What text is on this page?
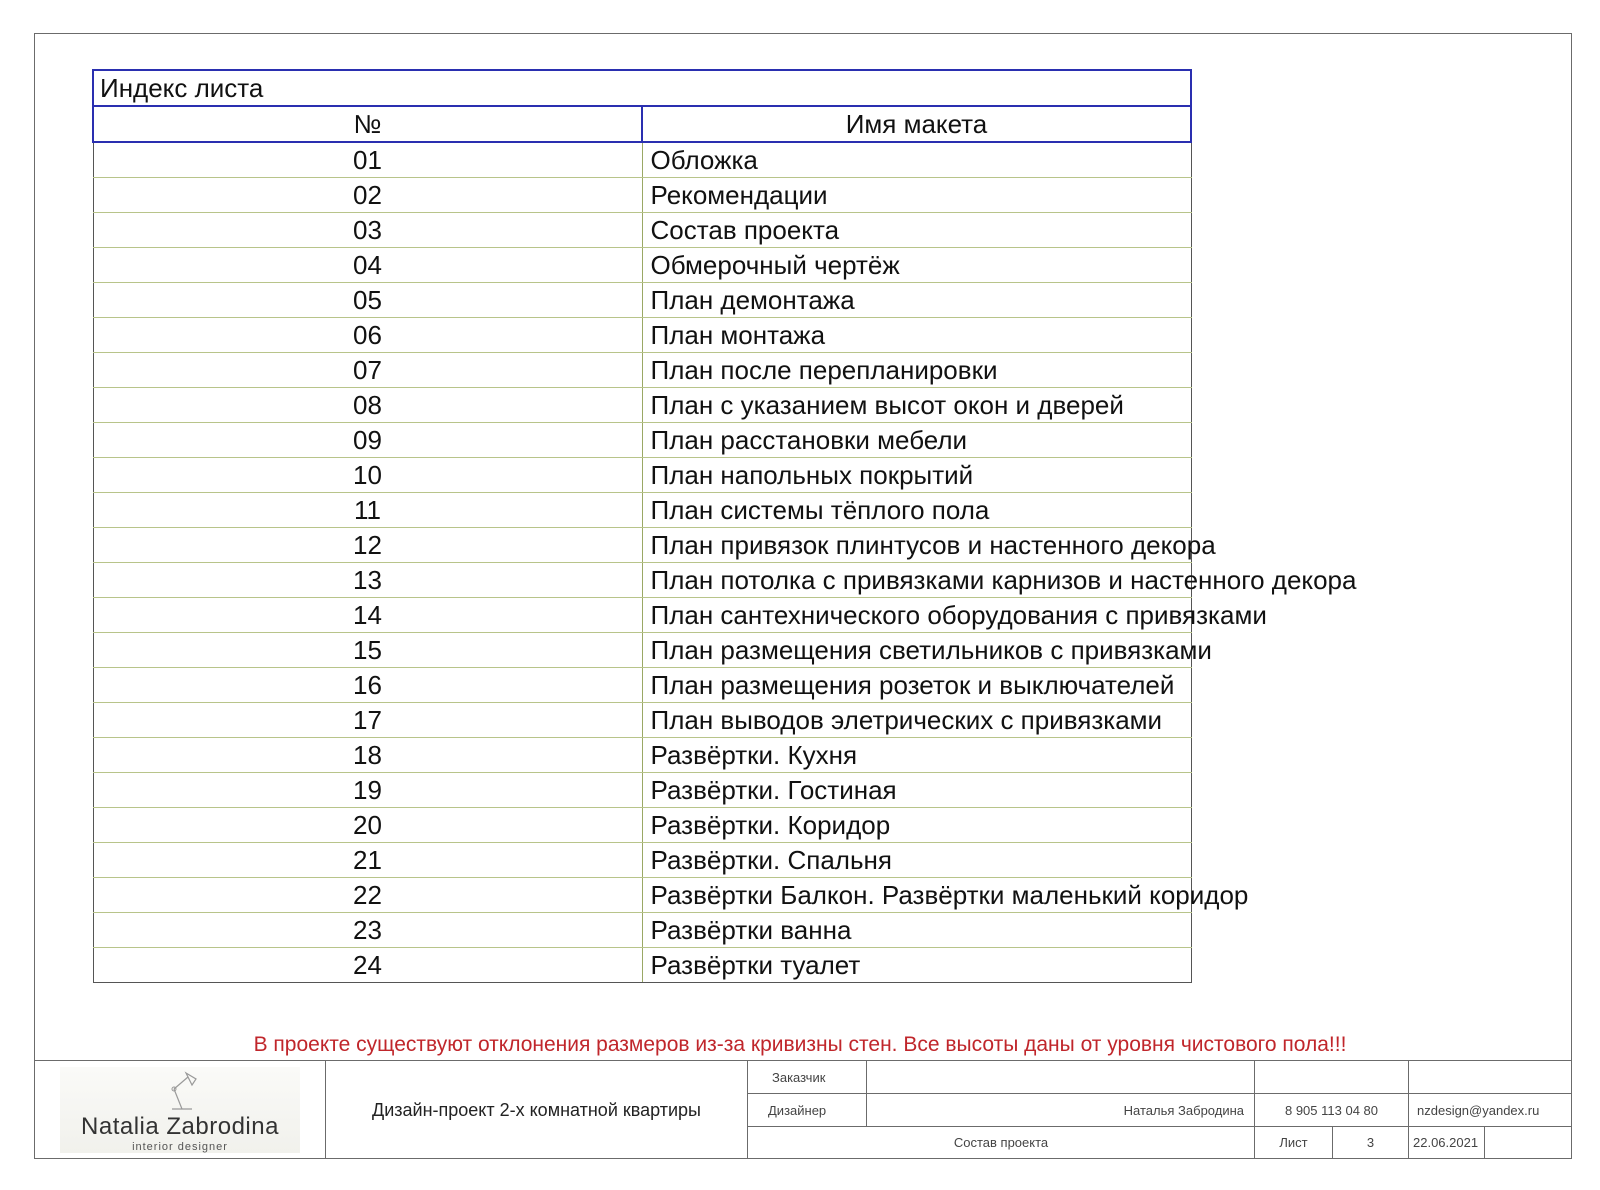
Индекс листа	
№	Имя макета
01	Обложка
02	Рекомендации
03	Состав проекта
04	Обмерочный чертёж
05	План демонтажа
06	План монтажа
07	План после перепланировки
08	План с указанием высот окон и дверей
09	План расстановки мебели
10	План напольных покрытий
11	План системы тёплого пола
12	План привязок плинтусов и настенного декора
13	План потолка с привязками карнизов и настенного декора
14	План сантехнического оборудования с привязками
15	План размещения светильников с привязками
16	План размещения розеток и выключателей
17	План выводов элетрических с привязками
18	Развёртки. Кухня
19	Развёртки. Гостиная
20	Развёртки. Коридор
21	Развёртки. Спальня
22	Развёртки Балкон. Развёртки маленький коридор
23	Развёртки ванна
24	Развёртки туалет
В проекте существуют отклонения размеров из-за кривизны стен. Все высоты даны от уровня чистового пола!!!
Natalia Zabrodina
interior designer
Дизайн-проект 2-х комнатной квартиры
Заказчик
Дизайнер	Наталья Забродина	8 905 113 04 80	nzdesign@yandex.ru
Состав проекта	Лист	3	22.06.2021
